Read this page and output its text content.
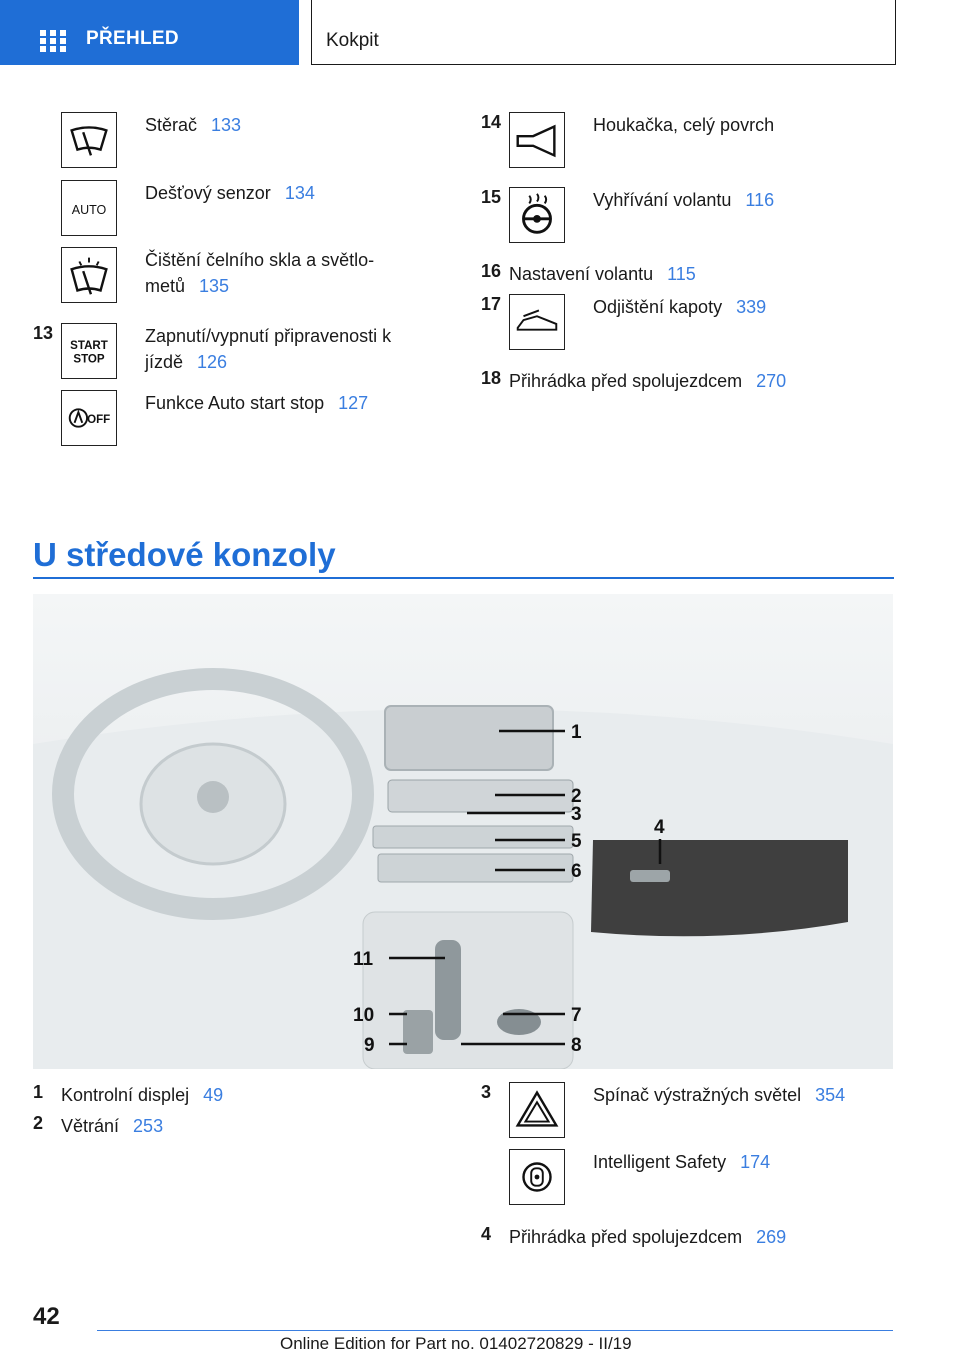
PŘEHLED	Kokpit
Stěrač 133
AUTO
Dešťový senzor 134
Čištění čelního skla a světlo-
metů 135
13
START
STOP
Zapnutí/vypnutí připravenosti k
jízdě 126
OFF
Funkce Auto start stop 127
14	Houkačka, celý povrch
15	Vyhřívání volantu 116
16 Nastavení volantu 115
17	Odjištění kapoty 339
18 Přihrádka před spolujezdcem 270
U středové konzoly
1
2
3
4
5
6
7
8
9
10
11
1 Kontrolní displej 49
2 Větrání 253
3	Spínač výstražných světel 354
Intelligent Safety 174
4 Přihrádka před spolujezdcem 269
42
Online Edition for Part no. 01402720829 - II/19
